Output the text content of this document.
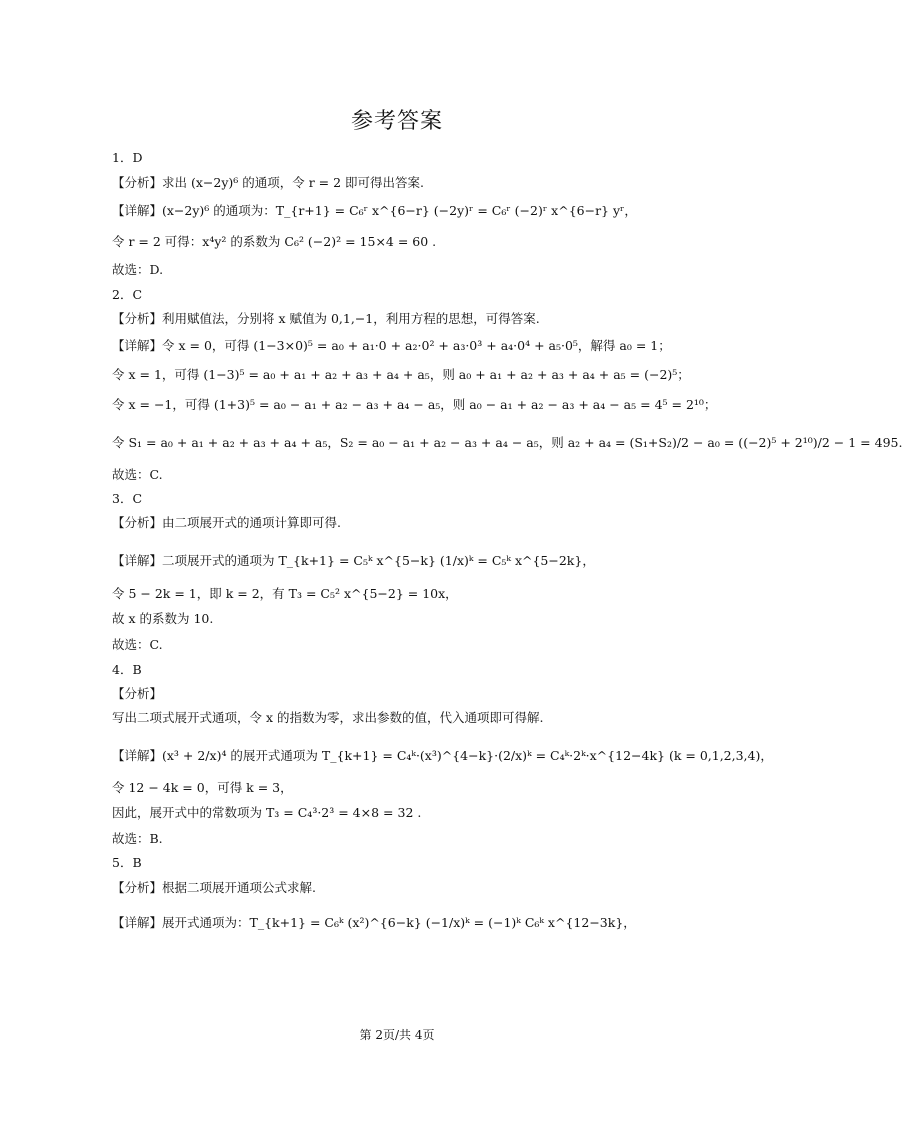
参考答案
1．D
【分析】求出 (x−2y)⁶ 的通项，令 r = 2 即可得出答案.
【详解】(x−2y)⁶ 的通项为：T_{r+1} = C₆ʳ x^{6−r} (−2y)ʳ = C₆ʳ (−2)ʳ x^{6−r} yʳ，
令 r = 2 可得：x⁴y² 的系数为 C₆² (−2)² = 15×4 = 60 .
故选：D.
2．C
【分析】利用赋值法，分别将 x 赋值为 0,1,−1，利用方程的思想，可得答案.
【详解】令 x = 0，可得 (1−3×0)⁵ = a₀ + a₁·0 + a₂·0² + a₃·0³ + a₄·0⁴ + a₅·0⁵，解得 a₀ = 1；
令 x = 1，可得 (1−3)⁵ = a₀ + a₁ + a₂ + a₃ + a₄ + a₅，则 a₀ + a₁ + a₂ + a₃ + a₄ + a₅ = (−2)⁵；
令 x = −1，可得 (1+3)⁵ = a₀ − a₁ + a₂ − a₃ + a₄ − a₅，则 a₀ − a₁ + a₂ − a₃ + a₄ − a₅ = 4⁵ = 2¹⁰；
令 S₁ = a₀ + a₁ + a₂ + a₃ + a₄ + a₅，S₂ = a₀ − a₁ + a₂ − a₃ + a₄ − a₅，则 a₂ + a₄ = (S₁+S₂)/2 − a₀ = ((−2)⁵ + 2¹⁰)/2 − 1 = 495.
故选：C.
3．C
【分析】由二项展开式的通项计算即可得.
【详解】二项展开式的通项为 T_{k+1} = C₅ᵏ x^{5−k} (1/x)ᵏ = C₅ᵏ x^{5−2k}，
令 5 − 2k = 1，即 k = 2，有 T₃ = C₅² x^{5−2} = 10x，
故 x 的系数为 10.
故选：C.
4．B
【分析】
写出二项式展开式通项，令 x 的指数为零，求出参数的值，代入通项即可得解.
【详解】(x³ + 2/x)⁴ 的展开式通项为 T_{k+1} = C₄ᵏ·(x³)^{4−k}·(2/x)ᵏ = C₄ᵏ·2ᵏ·x^{12−4k} (k = 0,1,2,3,4)，
令 12 − 4k = 0，可得 k = 3，
因此，展开式中的常数项为 T₃ = C₄³·2³ = 4×8 = 32 .
故选：B.
5．B
【分析】根据二项展开通项公式求解.
【详解】展开式通项为：T_{k+1} = C₆ᵏ (x²)^{6−k} (−1/x)ᵏ = (−1)ᵏ C₆ᵏ x^{12−3k}，
第 2页/共 4页
